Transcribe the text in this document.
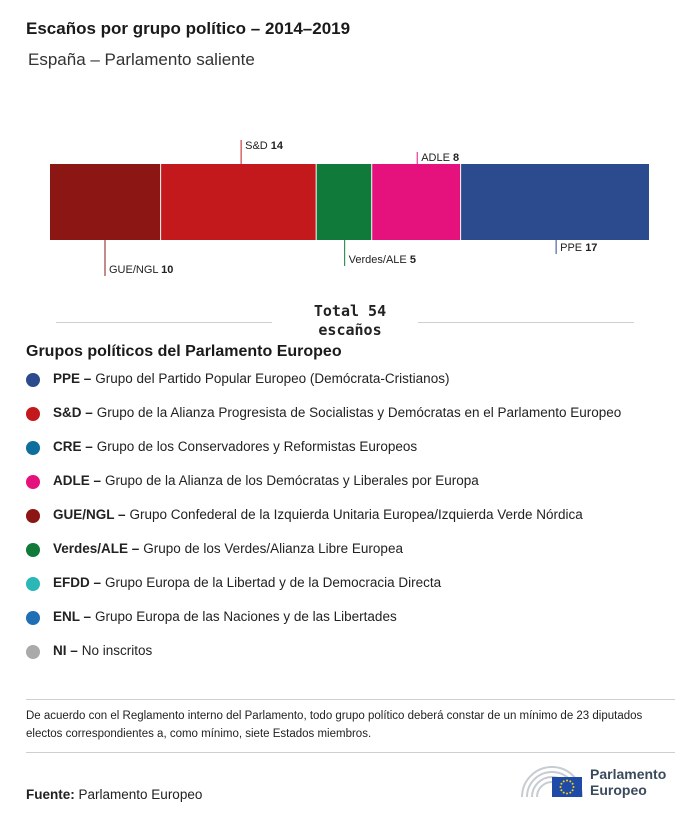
Escaños por grupo político – 2014–2019
España – Parlamento saliente
GUE/NGL 10
S&D 14
Verdes/ALE 5
ADLE 8
PPE 17
Total 54
escaños
Grupos políticos del Parlamento Europeo
PPE – Grupo del Partido Popular Europeo (Demócrata-Cristianos)
S&D – Grupo de la Alianza Progresista de Socialistas y Demócratas en el Parlamento Europeo
CRE – Grupo de los Conservadores y Reformistas Europeos
ADLE – Grupo de la Alianza de los Demócratas y Liberales por Europa
GUE/NGL – Grupo Confederal de la Izquierda Unitaria Europea/Izquierda Verde Nórdica
Verdes/ALE – Grupo de los Verdes/Alianza Libre Europea
EFDD – Grupo Europa de la Libertad y de la Democracia Directa
ENL – Grupo Europa de las Naciones y de las Libertades
NI – No inscritos
De acuerdo con el Reglamento interno del Parlamento, todo grupo político deberá constar de un mínimo de 23 diputados electos correspondientes a, como mínimo, siete Estados miembros.
Fuente: Parlamento Europeo
Parlamento
Europeo
